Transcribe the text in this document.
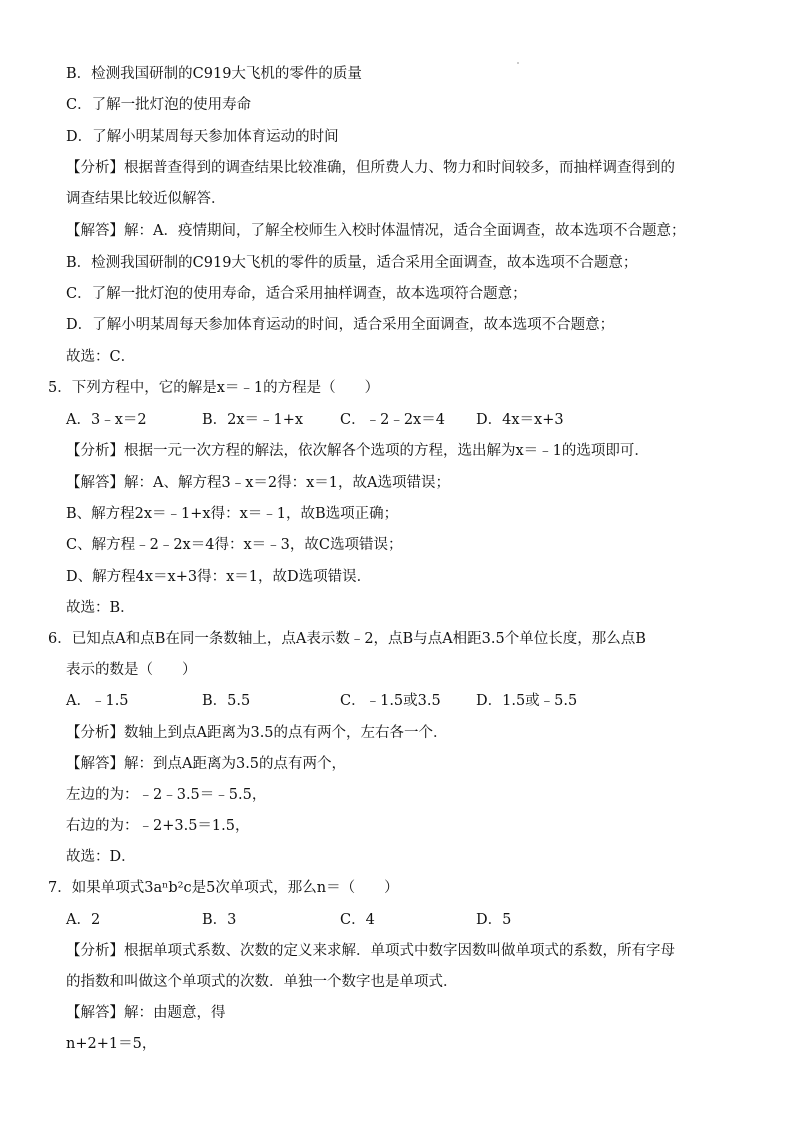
B．检测我国研制的C919大飞机的零件的质量
C．了解一批灯泡的使用寿命
D．了解小明某周每天参加体育运动的时间
【分析】根据普查得到的调查结果比较准确，但所费人力、物力和时间较多，而抽样调查得到的
调查结果比较近似解答．
【解答】解：A．疫情期间，了解全校师生入校时体温情况，适合全面调查，故本选项不合题意；
B．检测我国研制的C919大飞机的零件的质量，适合采用全面调查，故本选项不合题意；
C．了解一批灯泡的使用寿命，适合采用抽样调查，故本选项符合题意；
D．了解小明某周每天参加体育运动的时间，适合采用全面调查，故本选项不合题意；
故选：C．
5．下列方程中，它的解是x＝﹣1的方程是（　　）
A．3﹣x＝2	B．2x＝﹣1+x	C．﹣2﹣2x＝4 D．4x＝x+3
【分析】根据一元一次方程的解法，依次解各个选项的方程，选出解为x＝﹣1的选项即可．
【解答】解：A、解方程3﹣x＝2得：x＝1，故A选项错误；
B、解方程2x＝﹣1+x得：x＝﹣1，故B选项正确；
C、解方程﹣2﹣2x＝4得：x＝﹣3，故C选项错误；
D、解方程4x＝x+3得：x＝1，故D选项错误．
故选：B．
6．已知点A和点B在同一条数轴上，点A表示数﹣2，点B与点A相距3.5个单位长度，那么点B
表示的数是（　　）
A．﹣1.5	B．5.5	C．﹣1.5或3.5 D．1.5或﹣5.5
【分析】数轴上到点A距离为3.5的点有两个，左右各一个．
【解答】解：到点A距离为3.5的点有两个，
左边的为：﹣2﹣3.5＝﹣5.5，
右边的为：﹣2+3.5＝1.5，
故选：D．
7．如果单项式3aⁿb²c是5次单项式，那么n＝（　　）
A．2	B．3	C．4	D．5
【分析】根据单项式系数、次数的定义来求解．单项式中数字因数叫做单项式的系数，所有字母
的指数和叫做这个单项式的次数．单独一个数字也是单项式．
【解答】解：由题意，得
n+2+1＝5，
